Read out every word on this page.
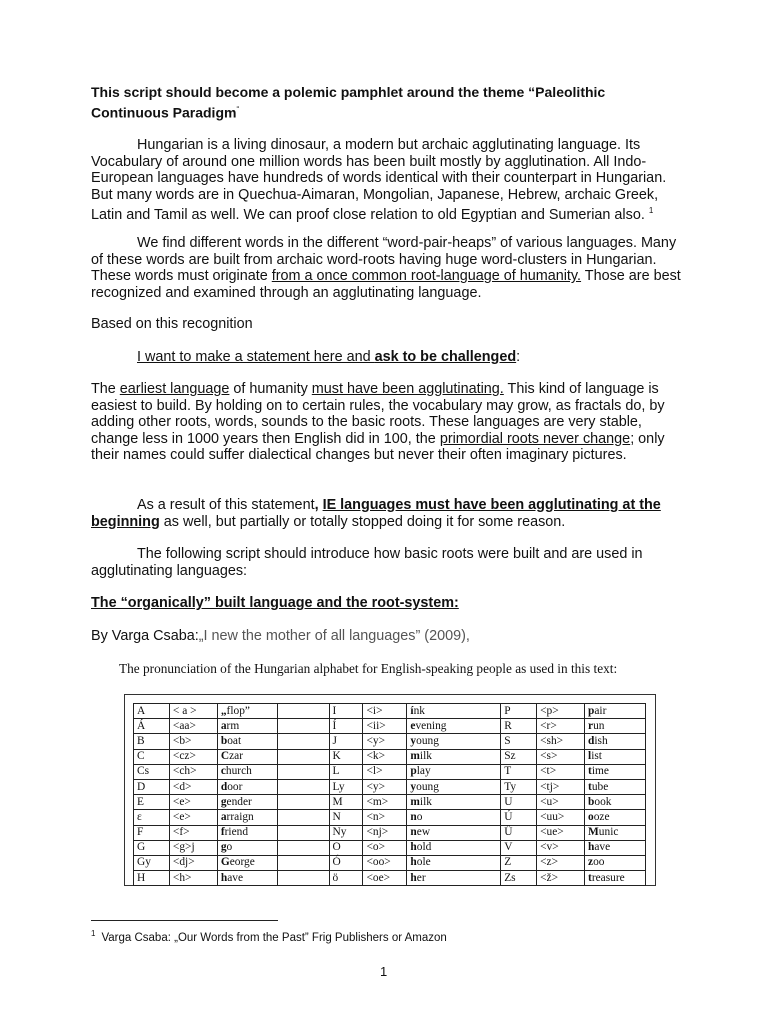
This script should become a polemic pamphlet around the theme “Paleolithic
Continuous Paradigm“
Hungarian is a living dinosaur, a modern but archaic agglutinating language. Its Vocabulary of around one million words has been built mostly by agglutination. All Indo-European languages have hundreds of words identical with their counterpart in Hungarian. But many words are in Quechua-Aimaran, Mongolian, Japanese, Hebrew, archaic Greek, Latin and Tamil as well. We can proof close relation to old Egyptian and Sumerian also. $^1$
We find different words in the different “word-pair-heaps” of various languages. Many of these words are built from archaic word-roots having huge word-clusters in Hungarian. These words must originate from a once common root-language of humanity. Those are best recognized and examined through an agglutinating language.
Based on this recognition
I want to make a statement here and ask to be challenged:
The earliest language of humanity must have been agglutinating. This kind of language is easiest to build. By holding on to certain rules, the vocabulary may grow, as fractals do, by adding other roots, words, sounds to the basic roots. These languages are very stable, change less in 1000 years then English did in 100, the primordial roots never change; only their names could suffer dialectical changes but never their often imaginary pictures.
As a result of this statement, IE languages must have been agglutinating at the beginning as well, but partially or totally stopped doing it for some reason.
The following script should introduce how basic roots were built and are used in agglutinating languages:
The “organically” built language and the root-system:
By Varga Csaba:„I new the mother of all languages” (2009),
The pronunciation of the Hungarian alphabet for English-speaking people as used in this text:
A	< a >	„flop”		I	<i>	ínk	P	<p>	pair
Á	<aa>	arm		Í	<ii>	evening	R	<r>	run
B	<b>	boat		J	<y>	young	S	<sh>	dish
C	<cz>	Czar		K	<k>	milk	Sz	<s>	list
Cs	<ch>	church		L	<l>	play	T	<t>	time
D	<d>	door		Ly	<y>	young	Ty	<tj>	tube
E	<e>	gender		M	<m>	milk	U	<u>	book
ɛ	<e>	arraign		N	<n>	no	Ú	<uu>	ooze
F	<f>	friend		Ny	<nj>	new	Ü	<ue>	Munic
G	<g>j	go		O	<o>	hold	V	<v>	have
Gy	<dj>	George		Ó	<oo>	hole	Z	<z>	zoo
H	<h>	have		ö	<oe>	her	Zs	<ž>	treasure
$^1$ Varga Csaba: „Our Words from the Past” Frig Publishers or Amazon
1
